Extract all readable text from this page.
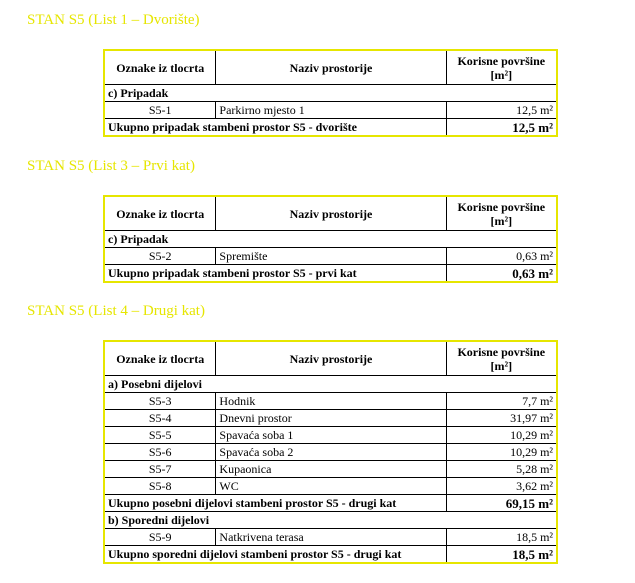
STAN S5 (List 1 – Dvorište)
Oznake iz tlocrta	Naziv prostorije	Korisne površine [m²]
c) Pripadak		
S5-1	Parkirno mjesto 1	12,5 m²
Ukupno pripadak stambeni prostor S5 - dvorište		12,5 m²
STAN S5 (List 3 – Prvi kat)
Oznake iz tlocrta	Naziv prostorije	Korisne površine [m²]
c) Pripadak		
S5-2	Spremište	0,63 m²
Ukupno pripadak stambeni prostor S5 - prvi kat		0,63 m²
STAN S5 (List 4 – Drugi kat)
Oznake iz tlocrta	Naziv prostorije	Korisne površine [m²]
a) Posebni dijelovi		
S5-3	Hodnik	7,7 m²
S5-4	Dnevni prostor	31,97 m²
S5-5	Spavaća soba 1	10,29 m²
S5-6	Spavaća soba 2	10,29 m²
S5-7	Kupaonica	5,28 m²
S5-8	WC	3,62 m²
Ukupno posebni dijelovi stambeni prostor S5 - drugi kat		69,15 m²
b) Sporedni dijelovi		
S5-9	Natkrivena terasa	18,5 m²
Ukupno sporedni dijelovi stambeni prostor S5 - drugi kat		18,5 m²
